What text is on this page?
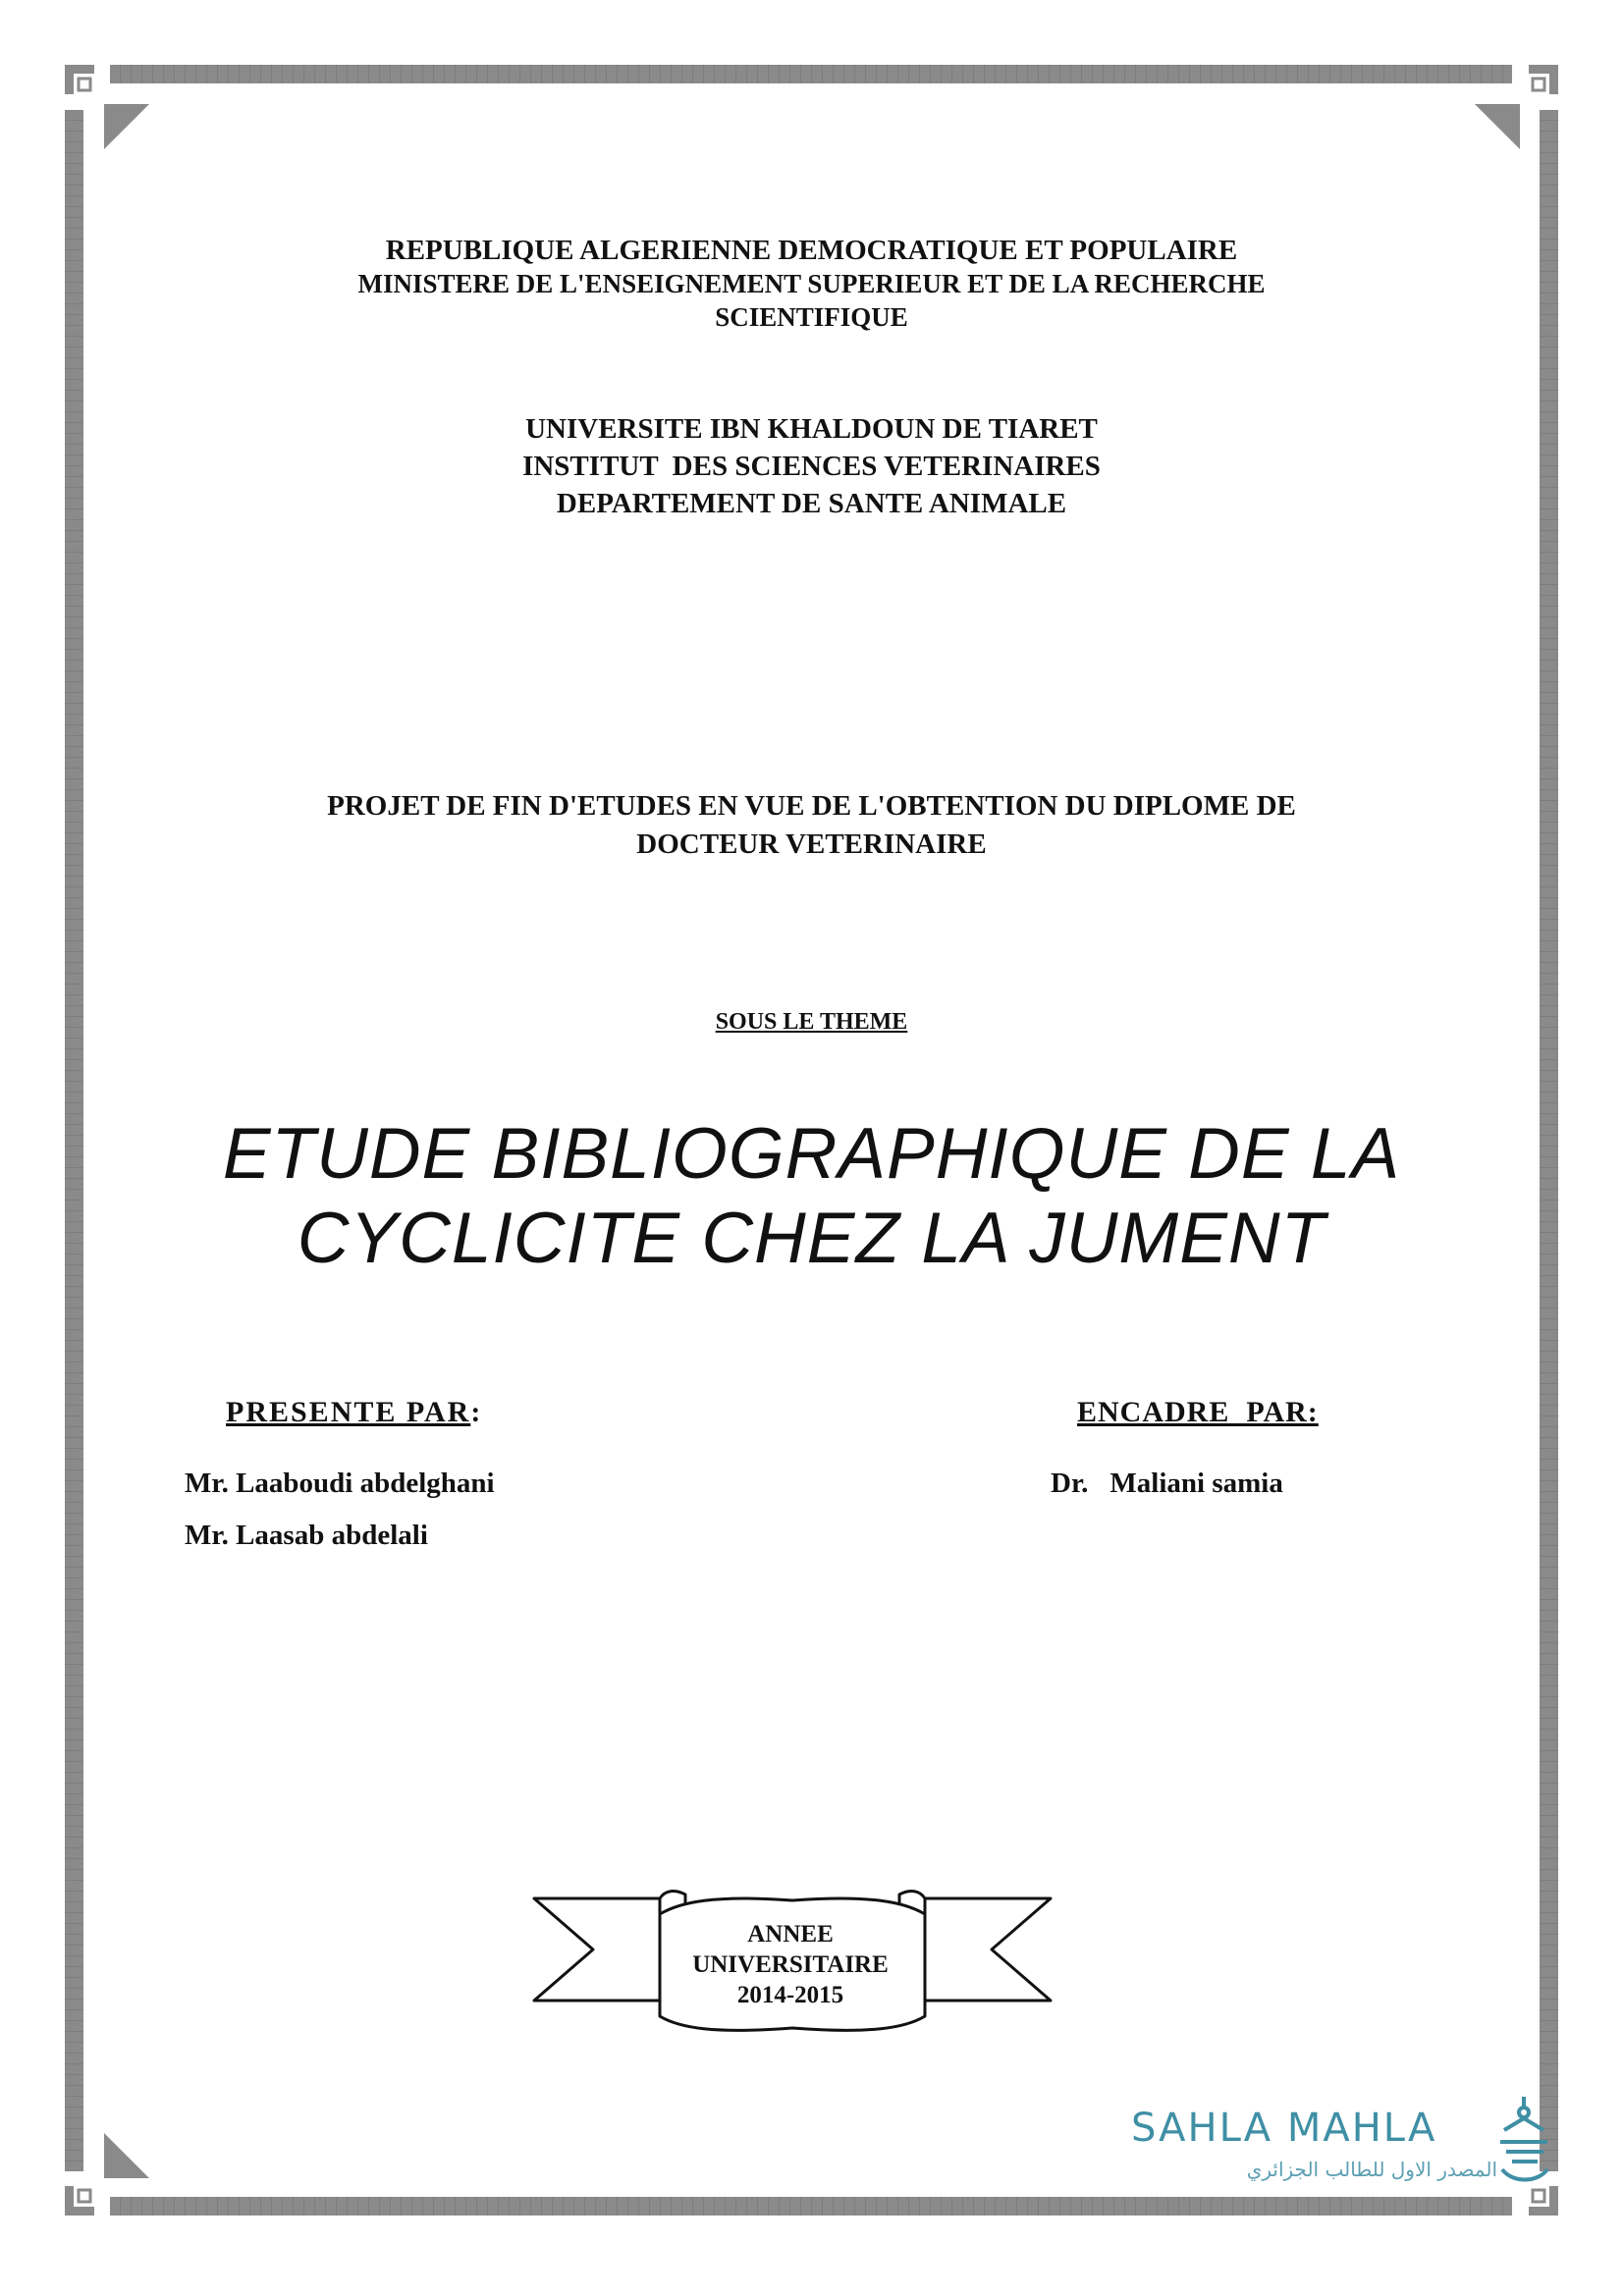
REPUBLIQUE ALGERIENNE DEMOCRATIQUE ET POPULAIRE
MINISTERE DE L'ENSEIGNEMENT SUPERIEUR ET DE LA RECHERCHE
SCIENTIFIQUE
UNIVERSITE IBN KHALDOUN DE TIARET
INSTITUT  DES SCIENCES VETERINAIRES
DEPARTEMENT DE SANTE ANIMALE
PROJET DE FIN D'ETUDES EN VUE DE L'OBTENTION DU DIPLOME DE
DOCTEUR VETERINAIRE
SOUS LE THEME
ETUDE BIBLIOGRAPHIQUE DE LA
CYCLICITE CHEZ LA JUMENT
PRESENTE PAR:	ENCADRE  PAR:
Mr. Laaboudi abdelghani
Mr. Laasab abdelali
Dr. Maliani samia
ANNEE
UNIVERSITAIRE
2014-2015
SAHLA MAHLA
المصدر الاول للطالب الجزائري
